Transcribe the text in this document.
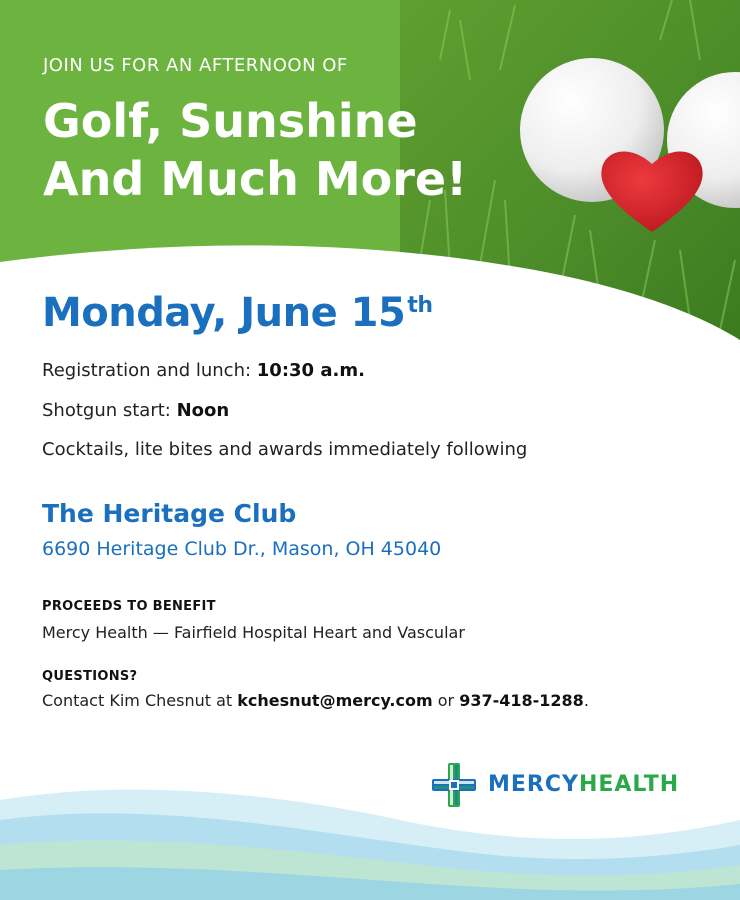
JOIN US FOR AN AFTERNOON OF
Golf, Sunshine
And Much More!
Monday, June 15th
Registration and lunch: 10:30 a.m.
Shotgun start: Noon
Cocktails, lite bites and awards immediately following
The Heritage Club
6690 Heritage Club Dr., Mason, OH 45040
PROCEEDS TO BENEFIT
Mercy Health — Fairfield Hospital Heart and Vascular
QUESTIONS?
Contact Kim Chesnut at kchesnut@mercy.com or 937-418-1288.
MERCYHEALTH
